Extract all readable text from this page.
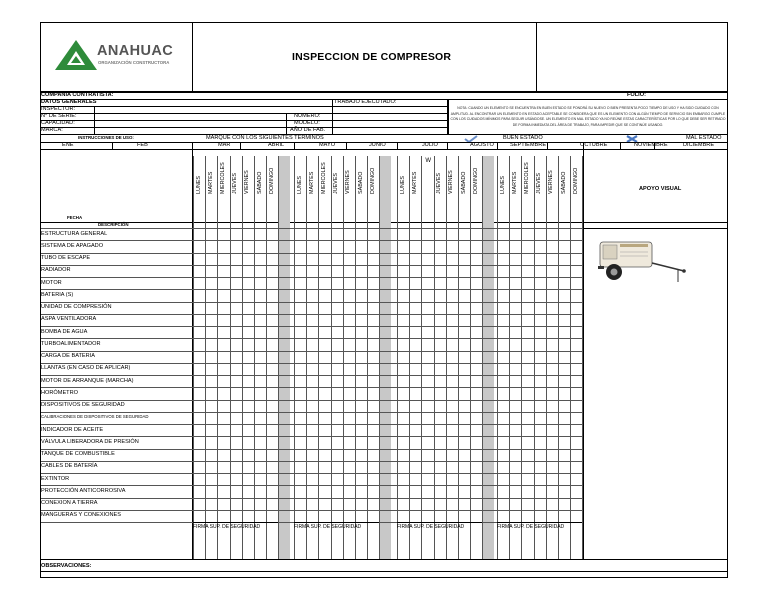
ANAHUAC
ORGANIZACIÓN CONSTRUCTORA	INSPECCION DE COMPRESOR
COMPAÑÍA CONTRATISTA:	FOLIO:
DATOS GENERALES	TRABAJO EJECUTADO:
INSPECTOR:
N° DE SERIE:	NUMERO:
CAPACIDAD:	MODELO:
MARCA:	AÑO DE FAB.
NOTA: CUANDO UN ELEMENTO SE ENCUENTRA EN BUEN ESTADO SE PONDRÁ SU NUEVO O BIEN PRESENTA POCO TIEMPO DE USO Y HA SIDO CUIDADO CON AMPLITUD. AL ENCONTRAR UN ELEMENTO EN ESTADO ACEPTABLE SE CONSIDERA QUE ES UN ELEMENTO CON ALGÚN TIEMPO DE SERVICIO SIN EMBARGO CUMPLE CON LOS CUIDADOS MÍNIMOS PARA SEGUIR USÁNDOSE. UN ELEMENTO EN MAL ESTADO YA NO REÚNE ESTAS CARACTERÍSTICAS POR LO QUE DEBE SER RETIRADO DE FORMA INMEDIATA DEL ÁREA DE TRABAJO, PARA IMPEDIR QUE SE CONTINÚE USANDO.
INSTRUCCIONES DE USO:	MARQUE CON LOS SIGUIENTES TÉRMINOS	BUEN ESTADO	MAL ESTADO
FECHA
APOYO VISUAL
DESCRIPCIÓN
ENE	FEB	MAR	ABRIL	MAYO	JUNIO	JULIO	AGOSTO	SEPTIEMBRE	OCTUBRE	NOVIEMBRE	DICIEMBRE
LUNES MARTES MIERCOLES JUEVES VIERNES SÁBADO DOMINGO	LUNES MARTES MIERCOLES JUEVES VIERNES SÁBADO DOMINGO	LUNES MARTES	JUEVES VIERNES SÁBADO DOMINGO	LUNES MARTES MIERCOLES JUEVES VIERNES SÁBADO DOMINGO
W
ESTRUCTURA GENERAL
SISTEMA DE APAGADO
TUBO DE ESCAPE
RADIADOR
MOTOR
BATERIA (S)
UNIDAD DE COMPRESIÓN
ASPA VENTILADORA
BOMBA DE AGUA
TURBOALIMENTADOR
CARGA DE BATERIA
LLANTAS (EN CASO DE APLICAR)
MOTOR DE ARRANQUE (MARCHA)
HORÓMETRO
DISPOSITIVOS DE SEGURIDAD
CALIBRACIONES DE DISPOSITIVOS DE SEGURIDAD
INDICADOR DE ACEITE
VÁLVULA LIBERADORA DE PRESIÓN
TANQUE DE COMBUSTIBLE
CABLES DE BATERÍA
EXTINTOR
PROTECCIÓN ANTICORROSIVA
CONEXION A TIERRA
MANGUERAS Y CONEXIONES
FIRMA SUP. DE SEGURIDAD	FIRMA SUP. DE SEGURIDAD	FIRMA SUP. DE SEGURIDAD	FIRMA SUP. DE SEGURIDAD
OBSERVACIONES:
